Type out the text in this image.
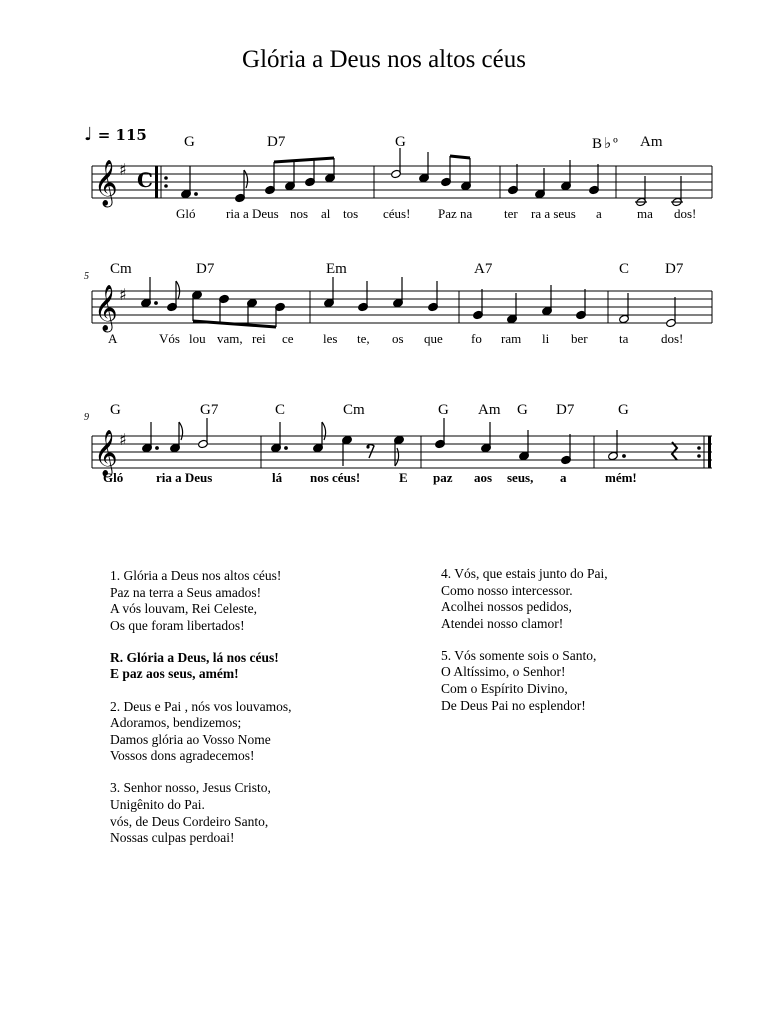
Glória a Deus nos altos céus
♩ = 115
𝄞 ♯ C
G	D7	G	B♭º Am
Gló ria a Deus nos al tos céus! Paz na ter ra a seus a	ma dos!
𝄞 ♯
5 Cm	D7	Em	A7	C D7
A	Vós lou vam, rei ce les te, os que fo ram li ber ta	dos!
𝄞 ♯
9 G	G7	C	Cm	G Am G D7	G
Gló	ria a Deus	lá nos céus!	E paz aos seus, a	mém!
1. Glória a Deus nos altos céus!
Paz na terra a Seus amados!
A vós louvam, Rei Celeste,
Os que foram libertados!
R. Glória a Deus, lá nos céus!
E paz aos seus, amém!
2. Deus e Pai , nós vos louvamos,
Adoramos, bendizemos;
Damos glória ao Vosso Nome
Vossos dons agradecemos!
3. Senhor nosso, Jesus Cristo,
Unigênito do Pai.
vós, de Deus Cordeiro Santo,
Nossas culpas perdoai!
4. Vós, que estais junto do Pai,
Como nosso intercessor.
Acolhei nossos pedidos,
Atendei nosso clamor!
5. Vós somente sois o Santo,
O Altíssimo, o Senhor!
Com o Espírito Divino,
De Deus Pai no esplendor!
